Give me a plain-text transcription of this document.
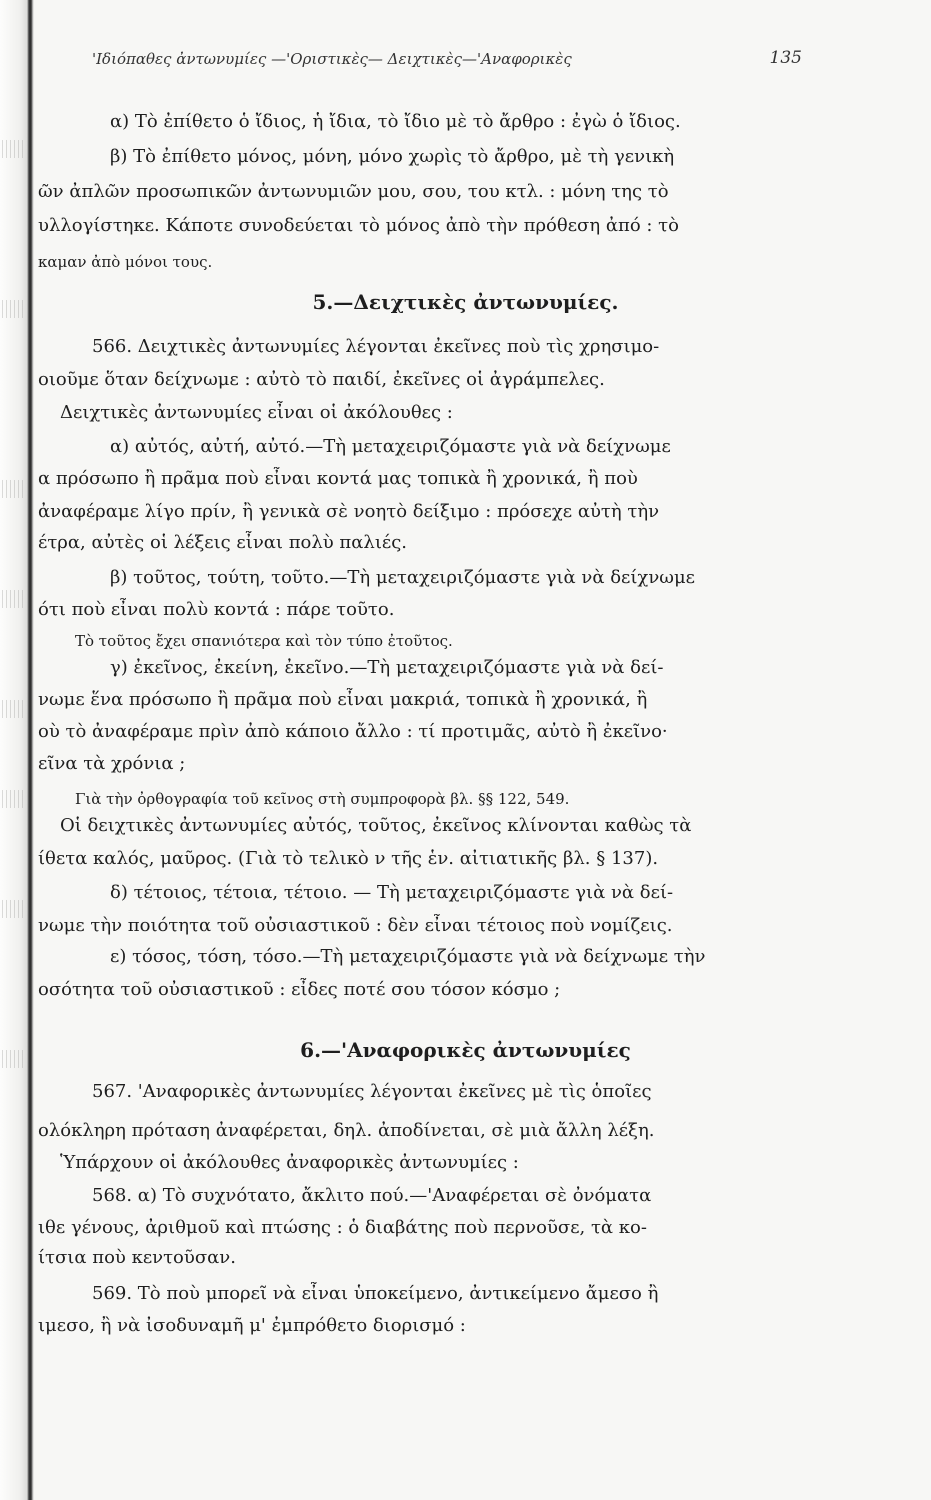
'Ιδιόπαθες ἀντωνυμίες —'Οριστικὲς— Δειχτικὲς—'Αναφορικὲς	135
α) Τὸ ἐπίθετο ὁ ἴδιος, ἡ ἴδια, τὸ ἴδιο μὲ τὸ ἄρθρο : ἐγὼ ὁ ἴδιος.
β) Τὸ ἐπίθετο μόνος, μόνη, μόνο χωρὶς τὸ ἄρθρο, μὲ τὴ γενικὴ
ῶν ἀπλῶν προσωπικῶν ἀντωνυμιῶν μου, σου, του κτλ. : μόνη της τὸ
υλλογίστηκε. Κάποτε συνοδεύεται τὸ μόνος ἀπὸ τὴν πρόθεση ἀπό : τὸ
καμαν ἀπὸ μόνοι τους.
5.—Δειχτικὲς ἀντωνυμίες.
566. Δειχτικὲς ἀντωνυμίες λέγονται ἐκεῖνες ποὺ τὶς χρησιμο-
οιοῦμε ὅταν δείχνωμε : αὐτὸ τὸ παιδί, ἐκεῖνες οἱ ἀγράμπελες.
Δειχτικὲς ἀντωνυμίες εἶναι οἱ ἀκόλουθες :
α) αὐτός, αὐτή, αὐτό.—Τὴ μεταχειριζόμαστε γιὰ νὰ δείχνωμε
α πρόσωπο ἢ πρᾶμα ποὺ εἶναι κοντά μας τοπικὰ ἢ χρονικά, ἢ ποὺ
ἀναφέραμε λίγο πρίν, ἢ γενικὰ σὲ νοητὸ δείξιμο : πρόσεχε αὐτὴ τὴν
έτρα, αὐτὲς οἱ λέξεις εἶναι πολὺ παλιές.
β) τοῦτος, τούτη, τοῦτο.—Τὴ μεταχειριζόμαστε γιὰ νὰ δείχνωμε
ότι ποὺ εἶναι πολὺ κοντά : πάρε τοῦτο.
Τὸ τοῦτος ἔχει σπανιότερα καὶ τὸν τύπο ἐτοῦτος.
γ) ἐκεῖνος, ἐκείνη, ἐκεῖνο.—Τὴ μεταχειριζόμαστε γιὰ νὰ δεί-
νωμε ἕνα πρόσωπο ἢ πρᾶμα ποὺ εἶναι μακριά, τοπικὰ ἢ χρονικά, ἢ
οὺ τὸ ἀναφέραμε πρὶν ἀπὸ κάποιο ἄλλο : τί προτιμᾶς, αὐτὸ ἢ ἐκεῖνο·
εῖνα τὰ χρόνια ;
Γιὰ τὴν ὀρθογραφία τοῦ κεῖνος στὴ συμπροφορὰ βλ. §§ 122, 549.
Οἱ δειχτικὲς ἀντωνυμίες αὐτός, τοῦτος, ἐκεῖνος κλίνονται καθὼς τὰ
ίθετα καλός, μαῦρος. (Γιὰ τὸ τελικὸ ν τῆς ἑν. αἰτιατικῆς βλ. § 137).
δ) τέτοιος, τέτοια, τέτοιο. — Τὴ μεταχειριζόμαστε γιὰ νὰ δεί-
νωμε τὴν ποιότητα τοῦ οὐσιαστικοῦ : δὲν εἶναι τέτοιος ποὺ νομίζεις.
ε) τόσος, τόση, τόσο.—Τὴ μεταχειριζόμαστε γιὰ νὰ δείχνωμε τὴν
οσότητα τοῦ οὐσιαστικοῦ : εἶδες ποτέ σου τόσον κόσμο ;
6.—'Αναφορικὲς ἀντωνυμίες
567. 'Αναφορικὲς ἀντωνυμίες λέγονται ἐκεῖνες μὲ τὶς ὁποῖες
ολόκληρη πρόταση ἀναφέρεται, δηλ. ἀποδίνεται, σὲ μιὰ ἄλλη λέξη.
Ὑπάρχουν οἱ ἀκόλουθες ἀναφορικὲς ἀντωνυμίες :
568. α) Τὸ συχνότατο, ἄκλιτο πού.—'Αναφέρεται σὲ ὀνόματα
ιθε γένους, ἀριθμοῦ καὶ πτώσης : ὁ διαβάτης ποὺ περνοῦσε, τὰ κο-
ίτσια ποὺ κεντοῦσαν.
569. Τὸ ποὺ μπορεῖ νὰ εἶναι ὑποκείμενο, ἀντικείμενο ἄμεσο ἢ
ιμεσο, ἢ νὰ ἰσοδυναμῆ μ' ἐμπρόθετο διορισμό :
